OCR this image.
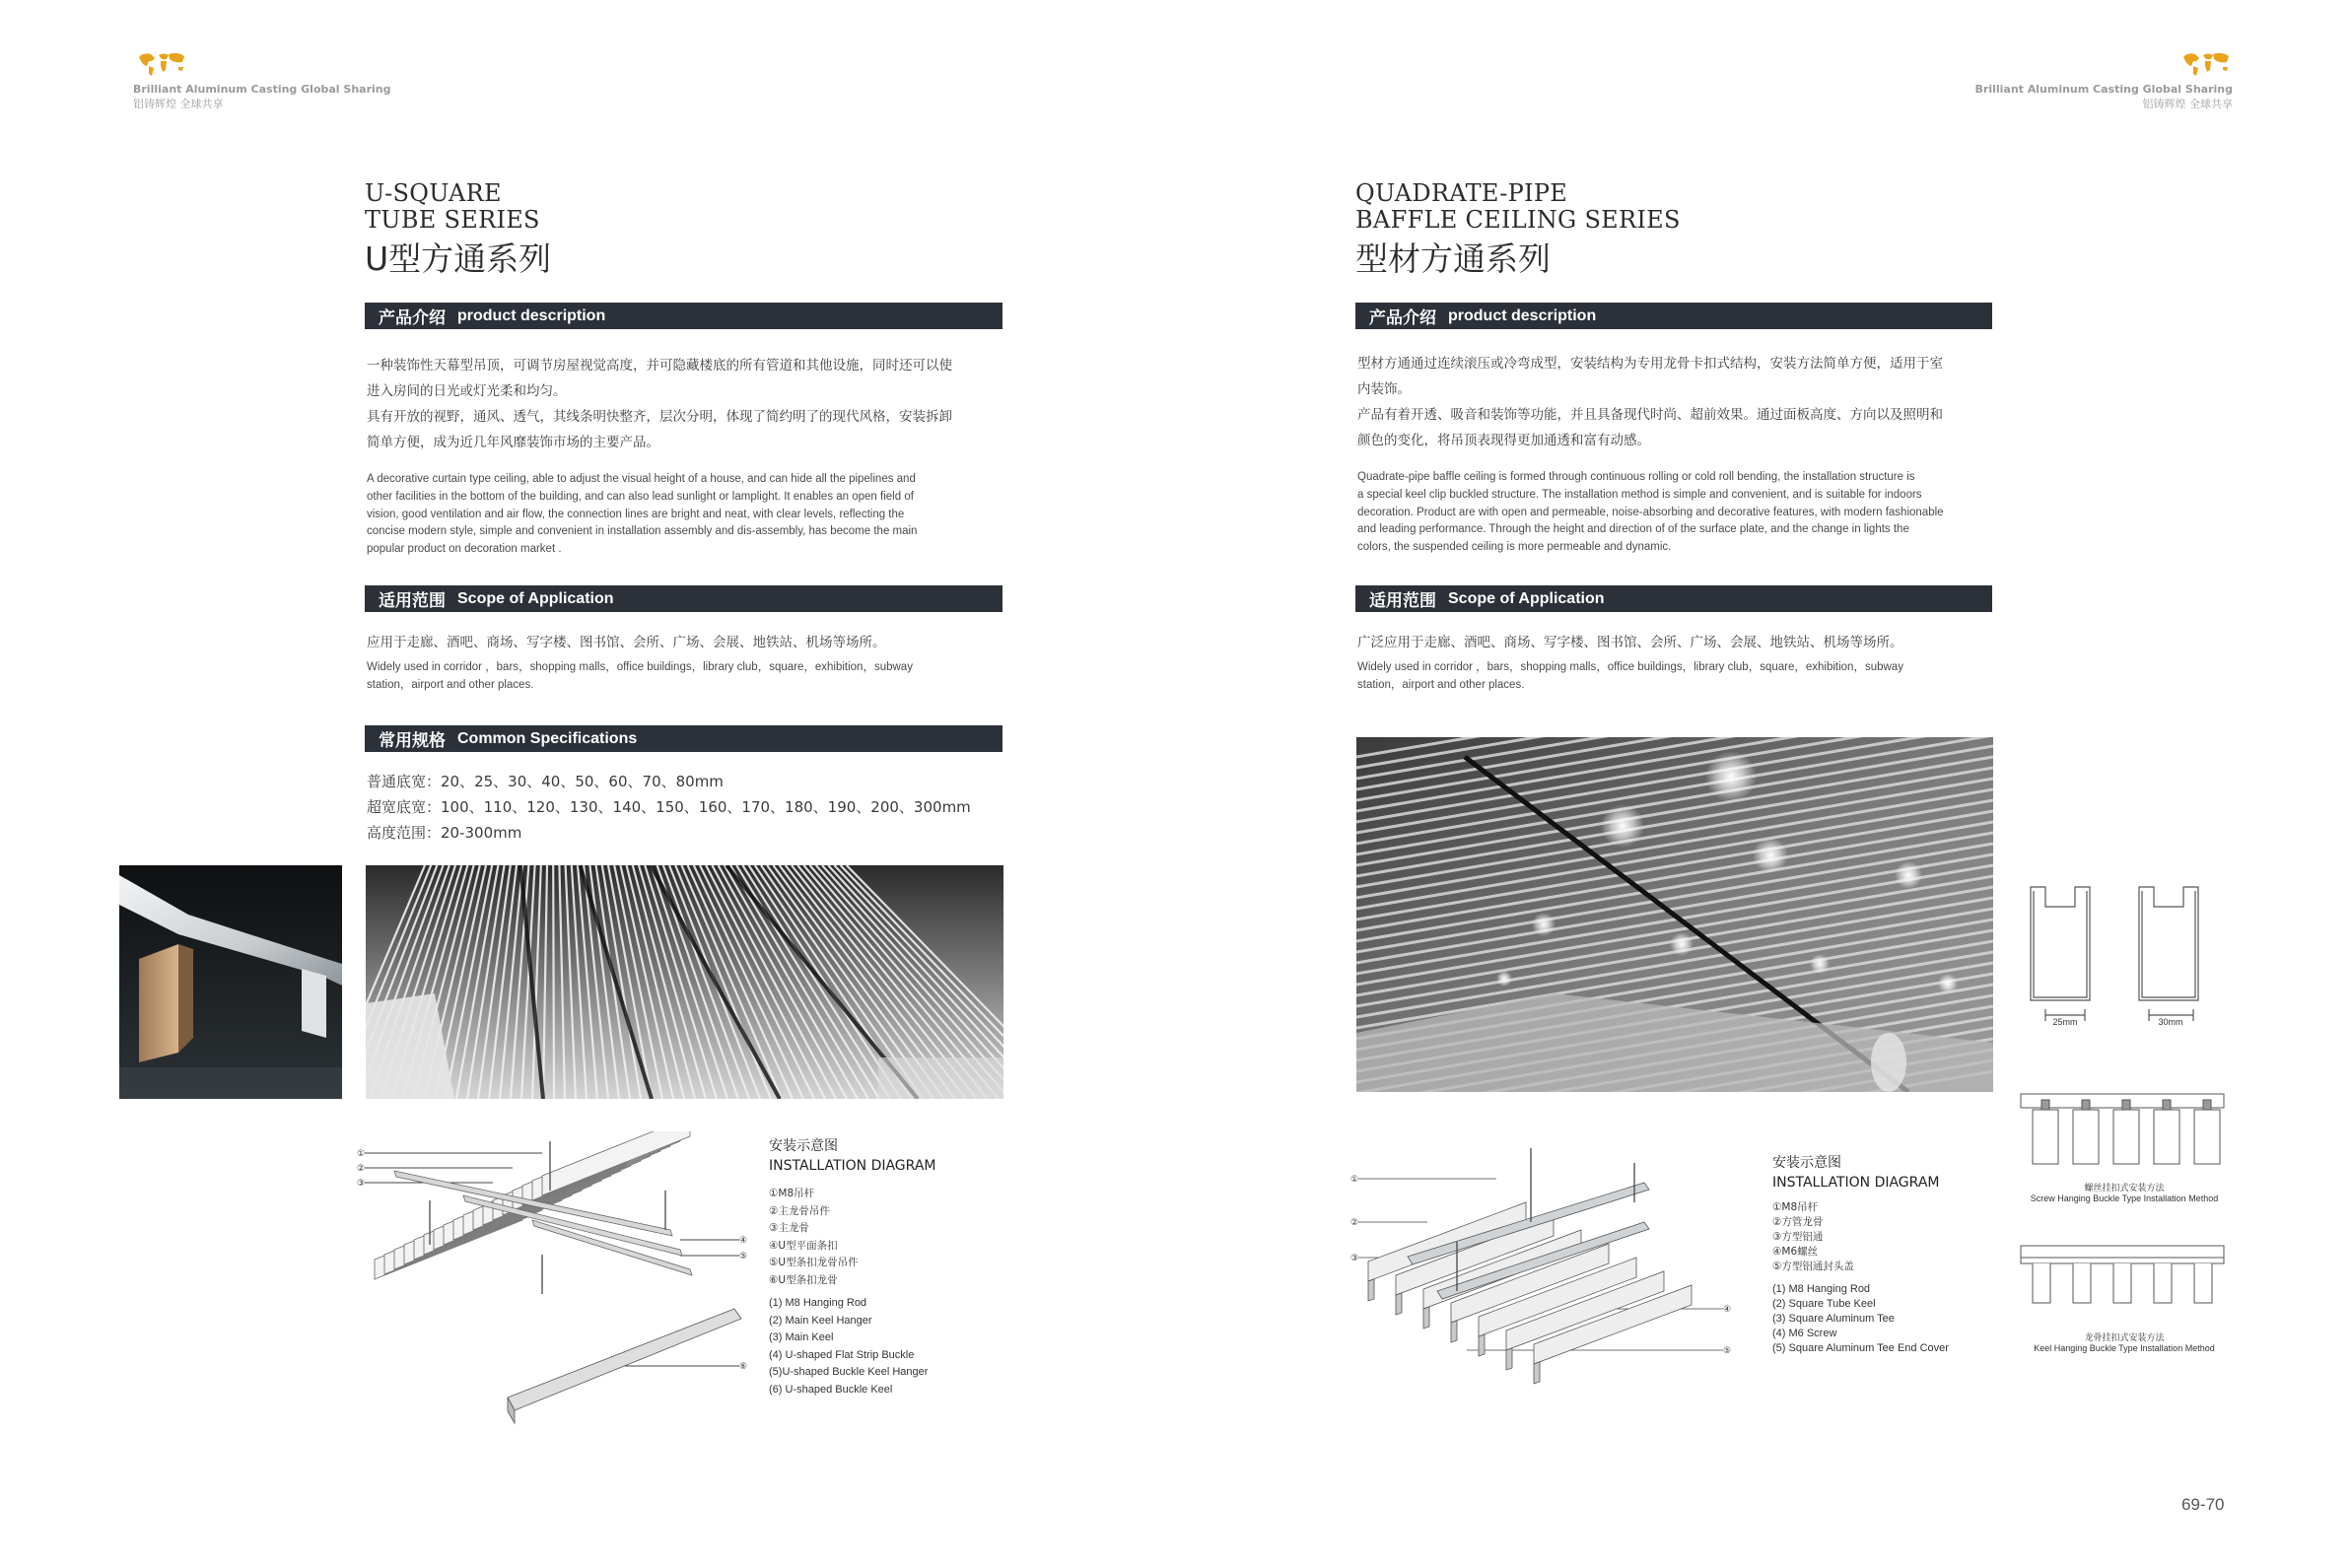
Brilliant Aluminum Casting Global Sharing
铝铸辉煌 全球共享
Brilliant Aluminum Casting Global Sharing
铝铸辉煌 全球共享
U-SQUARE
TUBE SERIES
U型方通系列
产品介绍 product description

一种装饰性天幕型吊顶，可调节房屋视觉高度，并可隐藏楼底的所有管道和其他设施，同时还可以使

进入房间的日光或灯光柔和均匀。

具有开放的视野，通风、透气，其线条明快整齐，层次分明，体现了简约明了的现代风格，安装拆卸

简单方便，成为近几年风靡装饰市场的主要产品。

A decorative curtain type ceiling, able to adjust the visual height of a house, and can hide all the pipelines and

other facilities in the bottom of the building, and can also lead sunlight or lamplight. It enables an open field of

vision, good ventilation and air flow, the connection lines are bright and neat, with clear levels, reflecting the

concise modern style, simple and convenient in installation assembly and dis-assembly, has become the main

popular product on decoration market .

适用范围 Scope of Application

应用于走廊、酒吧、商场、写字楼、图书馆、会所、广场、会展、地铁站、机场等场所。

Widely used in corridor ，bars，shopping malls，office buildings，library club，square，exhibition，subway

station，airport and other places.

常用规格 Common Specifications
普通底宽：20、25、30、40、50、60、70、80mm
超宽底宽：100、110、120、130、140、150、160、170、180、190、200、300mm
高度范围：20-300mm
①
②
③
④
⑤
⑥
安装示意图
INSTALLATION DIAGRAM
①M8吊杆
②主龙骨吊件
③主龙骨
④U型平面条扣
⑤U型条扣龙骨吊件
⑥U型条扣龙骨
(1) M8 Hanging Rod
(2) Main Keel Hanger
(3) Main Keel
(4) U-shaped Flat Strip Buckle
(5)U-shaped Buckle Keel Hanger
(6) U-shaped Buckle Keel
QUADRATE-PIPE
BAFFLE CEILING SERIES
型材方通系列
产品介绍 product description

型材方通通过连续滚压或冷弯成型，安装结构为专用龙骨卡扣式结构，安装方法简单方便，适用于室

内装饰。

产品有着开透、吸音和装饰等功能，并且具备现代时尚、超前效果。通过面板高度、方向以及照明和

颜色的变化，将吊顶表现得更加通透和富有动感。

Quadrate-pipe baffle ceiling is formed through continuous rolling or cold roll bending, the installation structure is

a special keel clip buckled structure. The installation method is simple and convenient, and is suitable for indoors

decoration. Product are with open and permeable, noise-absorbing and decorative features, with modern fashionable

and leading performance. Through the height and direction of of the surface plate, and the change in lights the

colors, the suspended ceiling is more permeable and dynamic.

适用范围 Scope of Application

广泛应用于走廊、酒吧、商场、写字楼、图书馆、会所、广场、会展、地铁站、机场等场所。

Widely used in corridor ，bars，shopping malls，office buildings，library club，square，exhibition，subway

station，airport and other places.

25mm	30mm
螺丝挂扣式安装方法
Screw Hanging Buckle Type Installation Method
龙骨挂扣式安装方法
Keel Hanging Buckle Type Installation Method
①
②
③
④
⑤
安装示意图
INSTALLATION DIAGRAM
①M8吊杆
②方管龙骨
③方型铝通
④M6螺丝
⑤方型铝通封头盖
(1) M8 Hanging Rod
(2) Square Tube Keel
(3) Square Aluminum Tee
(4) M6 Screw
(5) Square Aluminum Tee End Cover
69-70
